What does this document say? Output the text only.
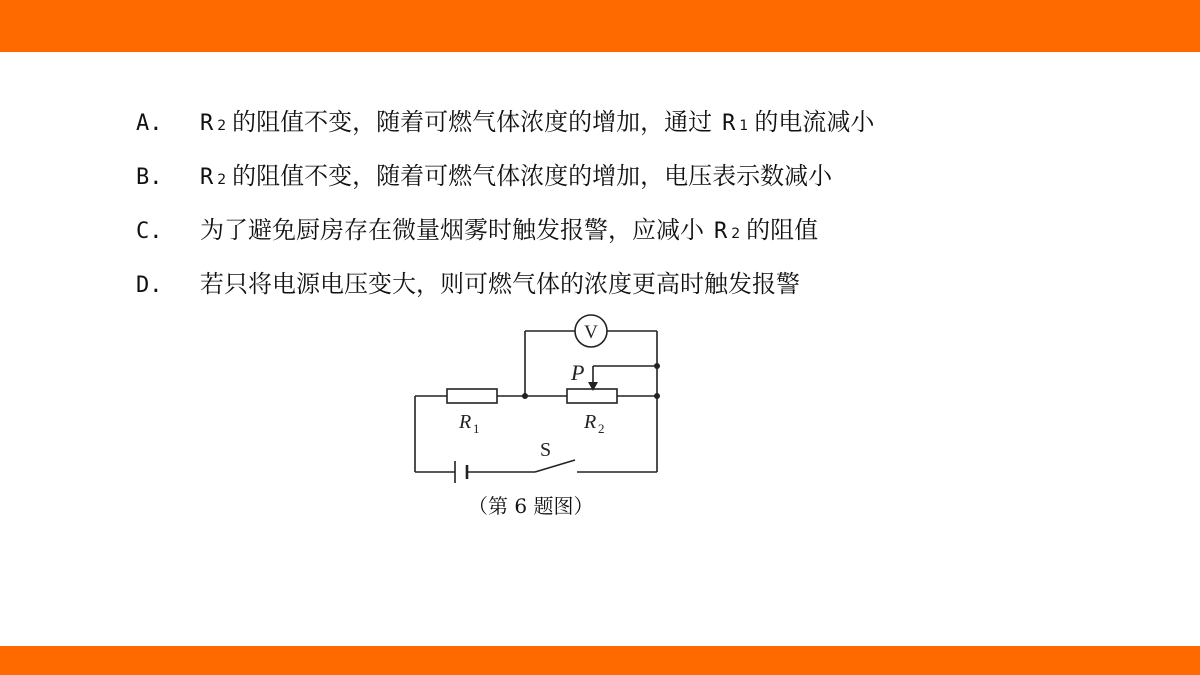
A.	R 2 的阻值不变，随着可燃气体浓度的增加，通过 R 1 的电流减小
B.	R 2 的阻值不变，随着可燃气体浓度的增加，电压表示数减小
C.	为了避免厨房存在微量烟雾时触发报警，应减小 R 2 的阻值
D.	若只将电源电压变大，则可燃气体的浓度更高时触发报警
V
P
R 1	R 2
S
（第 6 题图）
